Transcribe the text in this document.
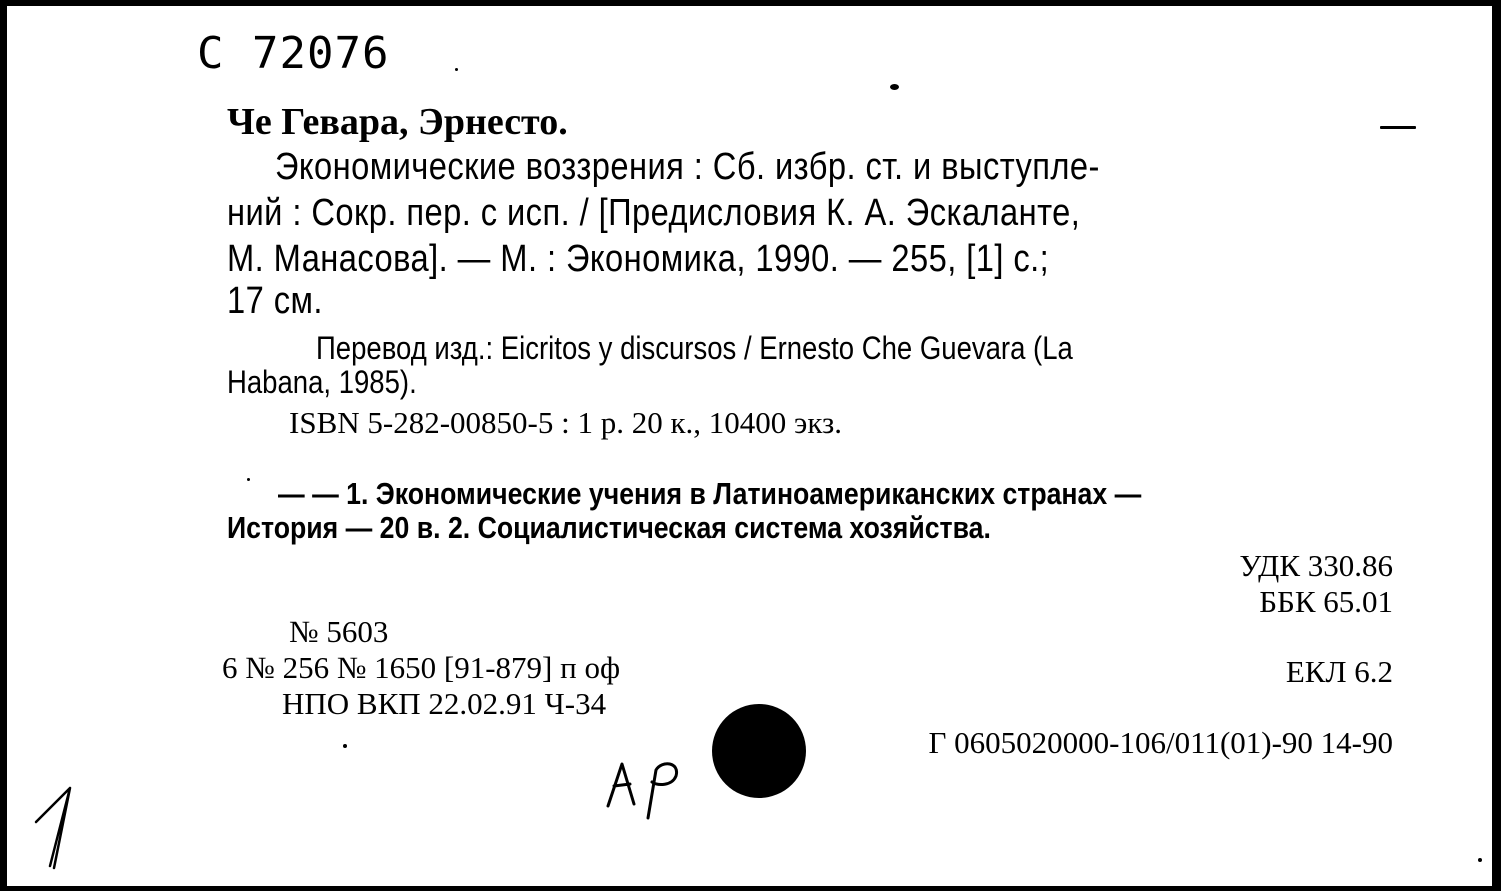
С 72076
Че Гевара, Эрнесто.
Экономические воззрения : Сб. избр. ст. и выступле-
ний : Сокр. пер. с исп. / [Предисловия К. А. Эскаланте,
М. Манасова]. — М. : Экономика, 1990. — 255, [1] с.;
17 см.
Перевод изд.: Eicritos y discursos / Ernesto Che Guevara (La
Habana, 1985).
ISBN 5-282-00850-5 : 1 р. 20 к., 10400 экз.
— — 1. Экономические учения в Латиноамериканских странах —
История — 20 в. 2. Социалистическая система хозяйства.
УДК 330.86
ББК 65.01
№ 5603
6 № 256 № 1650 [91-879] п оф	ЕКЛ 6.2
НПО ВКП 22.02.91 Ч-34
Г 0605020000-106/011(01)-90 14-90
